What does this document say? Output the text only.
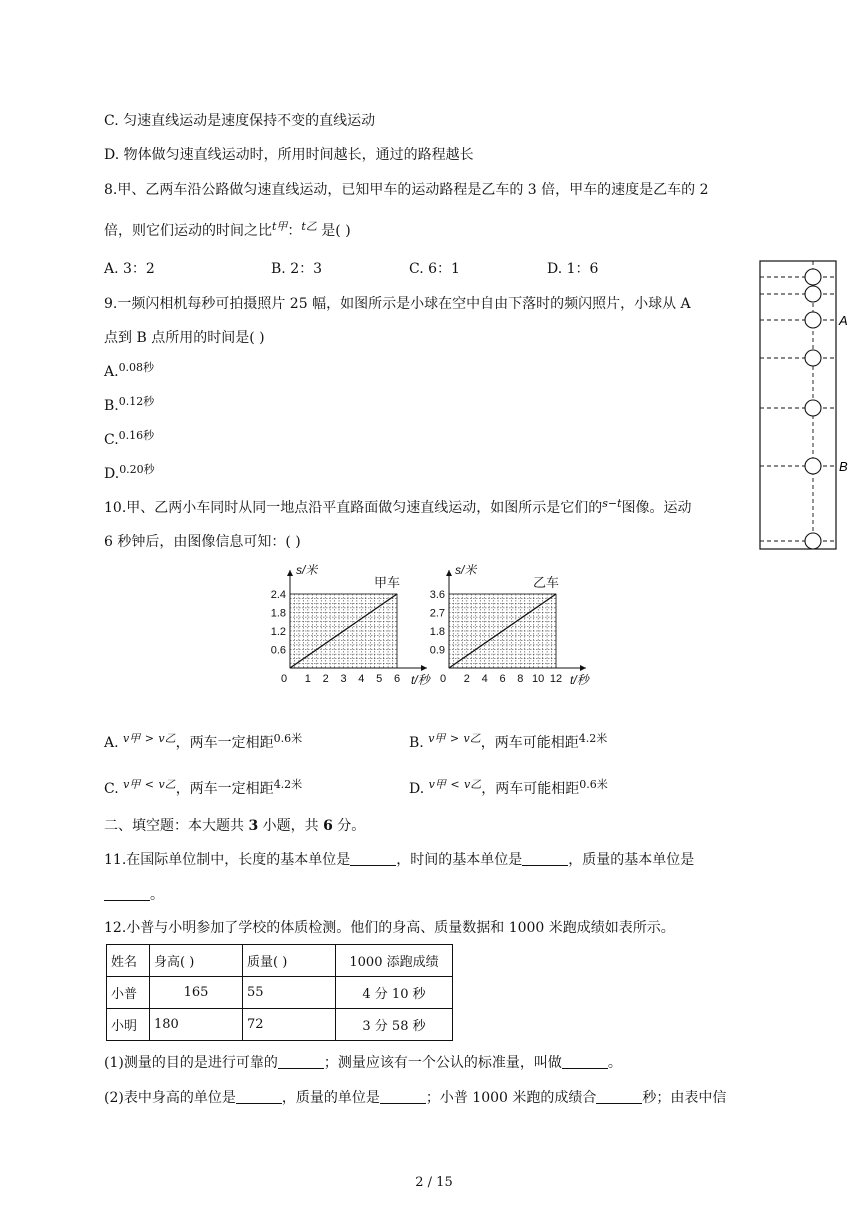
C. 匀速直线运动是速度保持不变的直线运动
D. 物体做匀速直线运动时，所用时间越长，通过的路程越长
8.甲、乙两车沿公路做匀速直线运动，已知甲车的运动路程是乙车的 3 倍，甲车的速度是乙车的 2
倍，则它们运动的时间之比$^{t甲}$：$^{t乙}$ 是( )
A. 3：2	B. 2：3	C. 6：1	D. 1：6
9.一频闪相机每秒可拍摄照片 25 幅，如图所示是小球在空中自由下落时的频闪照片，小球从 A
点到 B 点所用的时间是( )
A.$^{0.08秒}$
B.$^{0.12秒}$
C.$^{0.16秒}$
D.$^{0.20秒}$
A
B
10.甲、乙两小车同时从同一地点沿平直路面做匀速直线运动，如图所示是它们的$^{s-t}$图像。运动
6 秒钟后，由图像信息可知：( )
0 1 2 3 4 5 6
0.6
1.2
1.8
2.4
s/米
t/秒
甲车
0 2 4 6 8 10 12
0.9
1.8
2.7
3.6
s/米
t/秒
乙车
A. $^{v甲}$ > $^{v乙}$，两车一定相距$^{0.6米}$	B. $^{v甲}$ > $^{v乙}$，两车可能相距$^{4.2米}$
C. $^{v甲}$ < $^{v乙}$，两车一定相距$^{4.2米}$	D. $^{v甲}$ < $^{v乙}$，两车可能相距$^{0.6米}$
二、填空题：本大题共 3 小题，共 6 分。
11.在国际单位制中，长度的基本单位是	，时间的基本单位是	，质量的基本单位是
。
12.小普与小明参加了学校的体质检测。他们的身高、质量数据和 1000 米跑成绩如表所示。
姓名	身高( )	质量( )	1000 添跑成绩
小普	165	55	4 分 10 秒
小明	180	72	3 分 58 秒
(1)测量的目的是进行可靠的	；测量应该有一个公认的标准量，叫做	。
(2)表中身高的单位是	，质量的单位是	；小普 1000 米跑的成绩合	秒；由表中信
2 / 15
